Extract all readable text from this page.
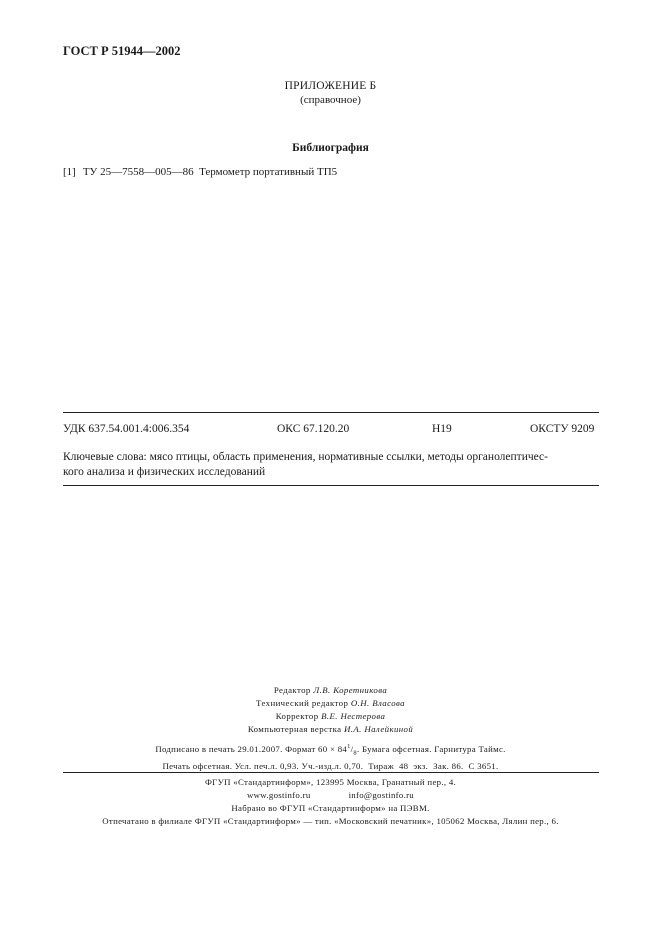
ГОСТ Р 51944—2002
ПРИЛОЖЕНИЕ Б
(справочное)
Библиография
[1] ТУ 25—7558—005—86  Термометр портативный ТП5
УДК 637.54.001.4:006.354	ОКС 67.120.20	Н19	ОКСТУ 9209
Ключевые слова: мясо птицы, область применения, нормативные ссылки, методы органолептичес-
кого анализа и физических исследований
Редактор Л.В. Коретникова
Технический редактор О.Н. Власова
Корректор В.Е. Нестерова
Компьютерная верстка И.А. Налейкиной
Подписано в печать 29.01.2007. Формат $60 \times 84^1/_8$. Бумага офсетная. Гарнитура Таймс.
Печать офсетная. Усл. печ.л. 0,93. Уч.-изд.л. 0,70.  Тираж  48  экз.  Зак. 86.  С 3651.
ФГУП «Стандартинформ», 123995 Москва, Гранатный пер., 4.
www.gostinfo.ru	info@gostinfo.ru
Набрано во ФГУП «Стандартинформ» на ПЭВМ.
Отпечатано в филиале ФГУП «Стандартинформ» — тип. «Московский печатник», 105062 Москва, Лялин пер., 6.
